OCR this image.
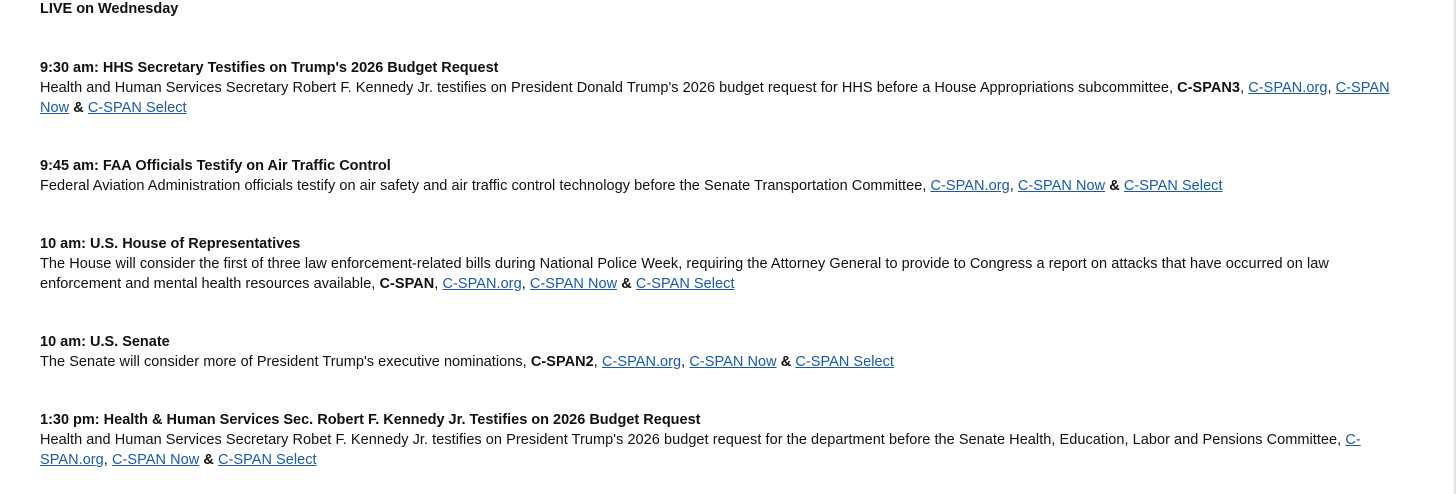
LIVE on Wednesday

9:30 am: HHS Secretary Testifies on Trump's 2026 Budget Request

Health and Human Services Secretary Robert F. Kennedy Jr. testifies on President Donald Trump's 2026 budget request for HHS before a House Appropriations subcommittee, C-SPAN3, C-SPAN.org, C-SPAN Now & C-SPAN Select

9:45 am: FAA Officials Testify on Air Traffic Control

Federal Aviation Administration officials testify on air safety and air traffic control technology before the Senate Transportation Committee, C-SPAN.org, C-SPAN Now & C-SPAN Select

10 am: U.S. House of Representatives

The House will consider the first of three law enforcement-related bills during National Police Week, requiring the Attorney General to provide to Congress a report on attacks that have occurred on law enforcement and mental health resources available, C-SPAN, C-SPAN.org, C-SPAN Now & C-SPAN Select

10 am: U.S. Senate

The Senate will consider more of President Trump's executive nominations, C-SPAN2, C-SPAN.org, C-SPAN Now & C-SPAN Select

1:30 pm: Health & Human Services Sec. Robert F. Kennedy Jr. Testifies on 2026 Budget Request

Health and Human Services Secretary Robet F. Kennedy Jr. testifies on President Trump's 2026 budget request for the department before the Senate Health, Education, Labor and Pensions Committee, C-SPAN.org, C-SPAN Now & C-SPAN Select
